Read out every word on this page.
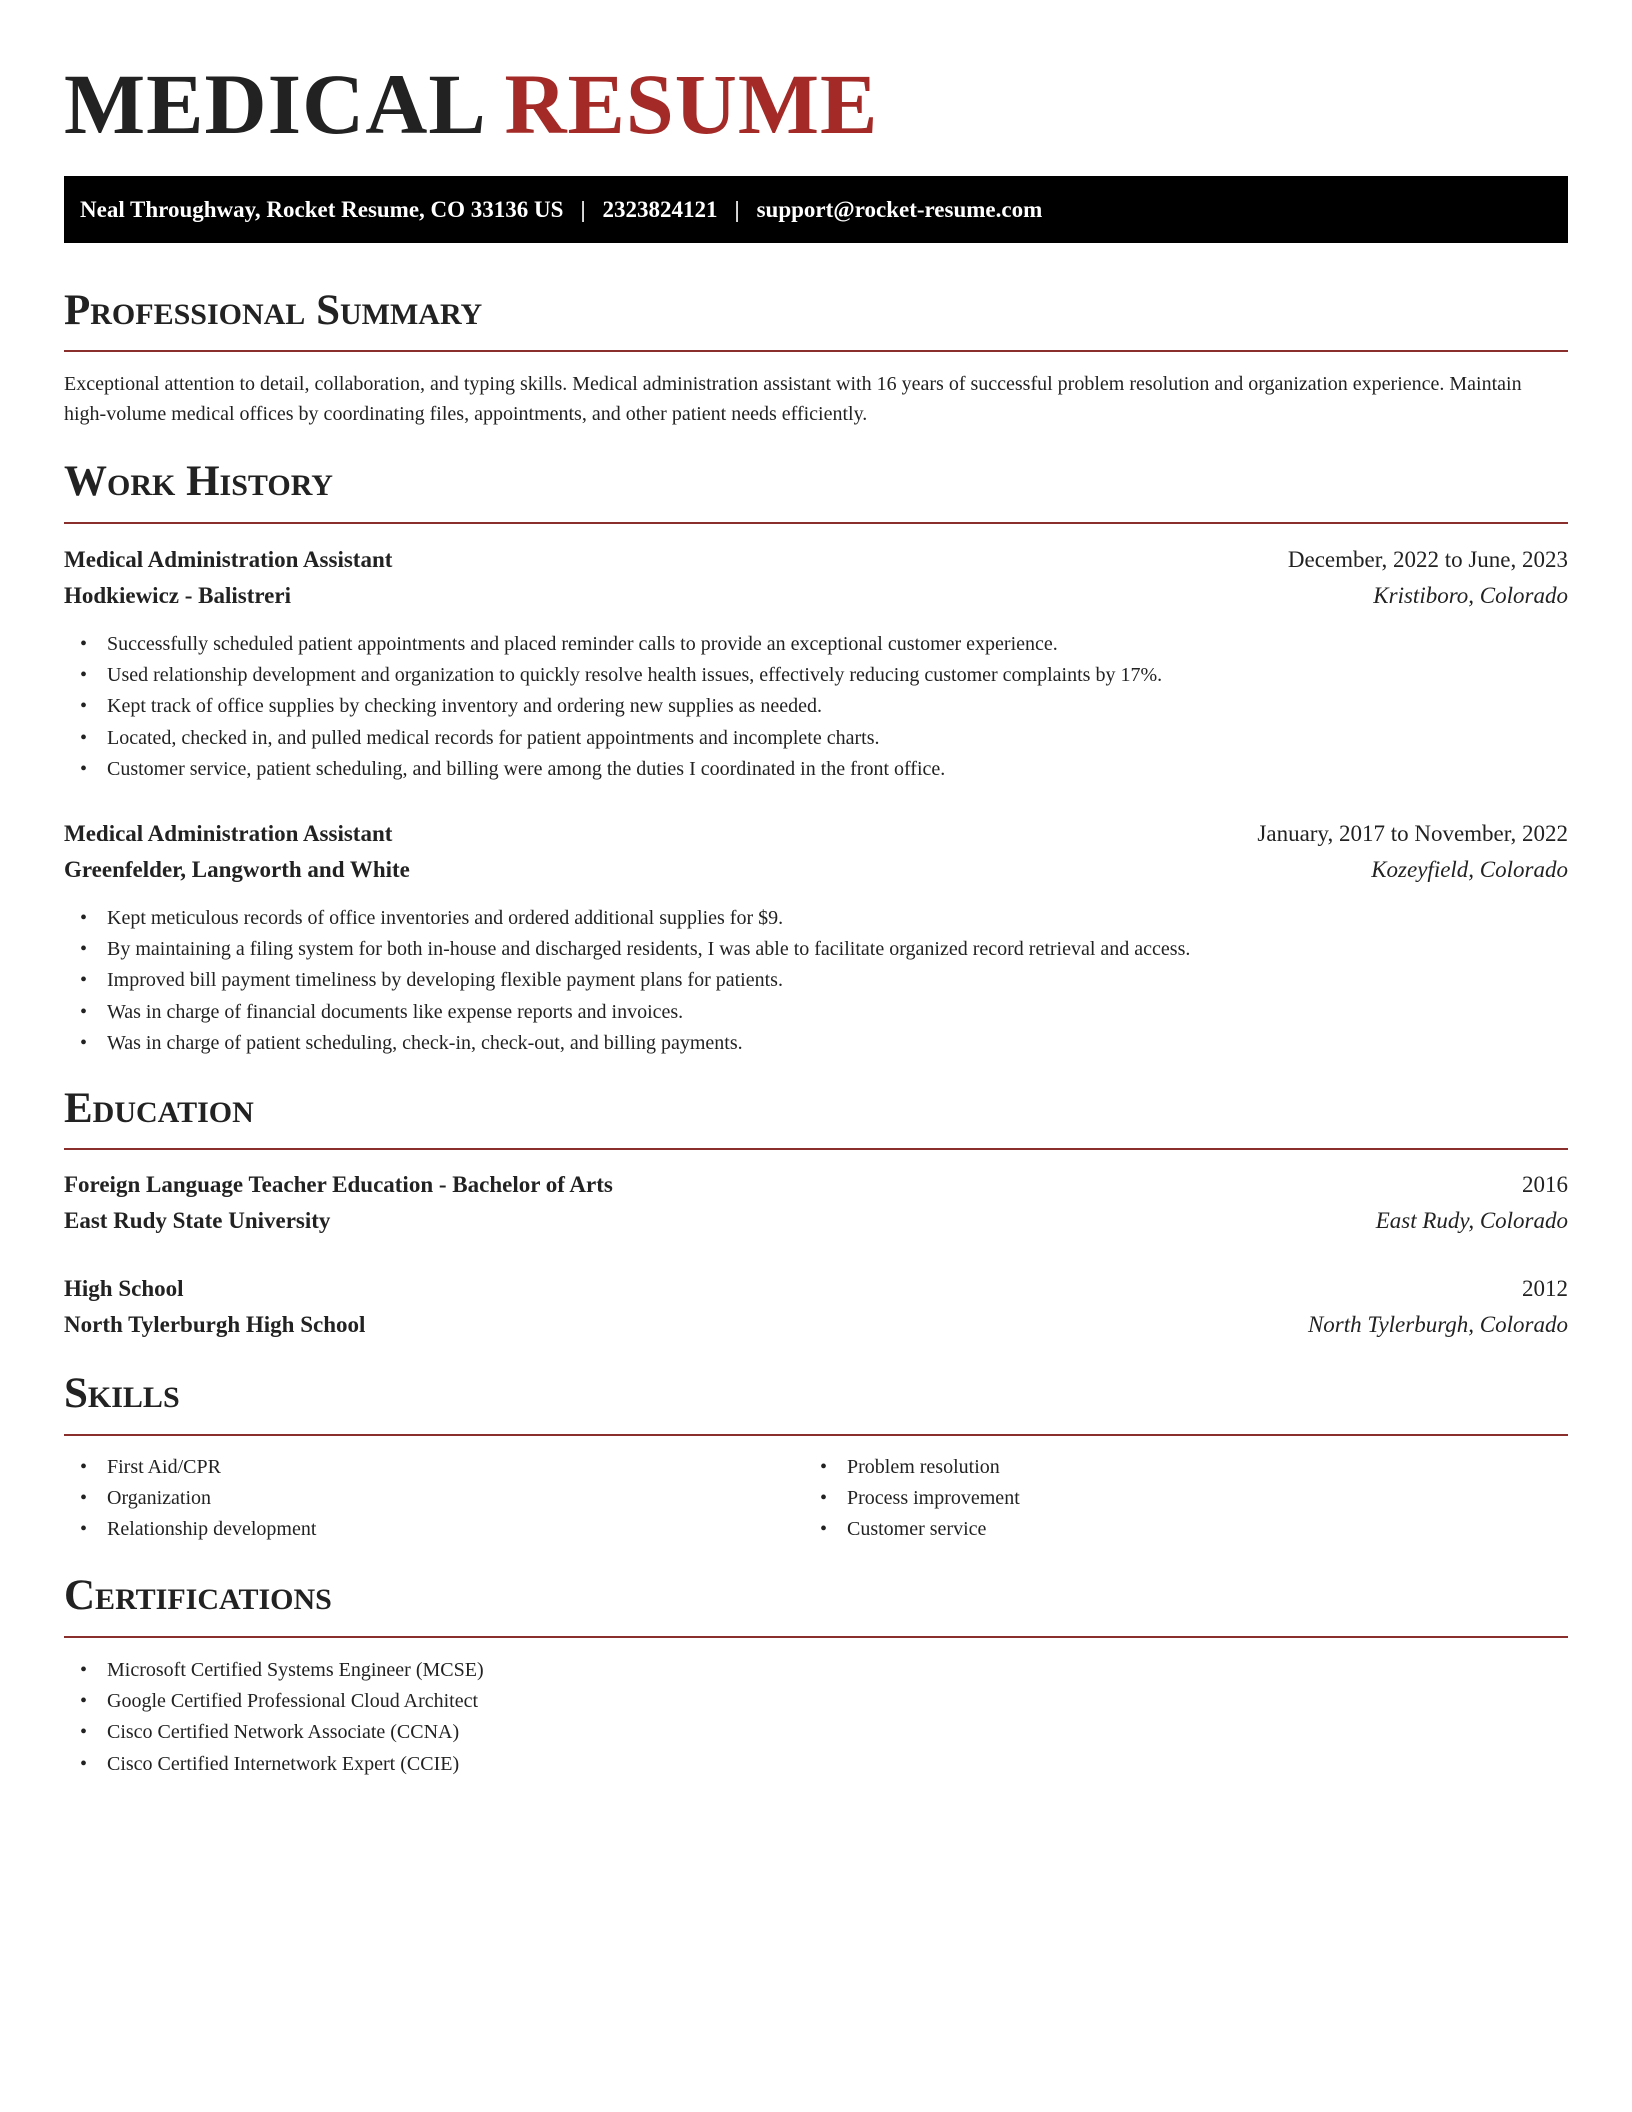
MEDICAL RESUME
Neal Throughway, Rocket Resume, CO 33136 US | 2323824121 | support@rocket-resume.com
Professional Summary

Exceptional attention to detail, collaboration, and typing skills. Medical administration assistant with 16 years of successful problem resolution and organization experience. Maintain high-volume medical offices by coordinating files, appointments, and other patient needs efficiently.

Work History
Medical Administration Assistant	December, 2022 to June, 2023
Hodkiewicz - Balistreri	Kristiboro, Colorado
• Successfully scheduled patient appointments and placed reminder calls to provide an exceptional customer experience.
• Used relationship development and organization to quickly resolve health issues, effectively reducing customer complaints by 17%.
• Kept track of office supplies by checking inventory and ordering new supplies as needed.
• Located, checked in, and pulled medical records for patient appointments and incomplete charts.
• Customer service, patient scheduling, and billing were among the duties I coordinated in the front office.
Medical Administration Assistant	January, 2017 to November, 2022
Greenfelder, Langworth and White	Kozeyfield, Colorado
• Kept meticulous records of office inventories and ordered additional supplies for $9.
• By maintaining a filing system for both in-house and discharged residents, I was able to facilitate organized record retrieval and access.
• Improved bill payment timeliness by developing flexible payment plans for patients.
• Was in charge of financial documents like expense reports and invoices.
• Was in charge of patient scheduling, check-in, check-out, and billing payments.
Education
Foreign Language Teacher Education - Bachelor of Arts	2016
East Rudy State University	East Rudy, Colorado
High School	2012
North Tylerburgh High School	North Tylerburgh, Colorado
Skills
• First Aid/CPR
• Organization
• Relationship development
• Problem resolution
• Process improvement
• Customer service
Certifications
• Microsoft Certified Systems Engineer (MCSE)
• Google Certified Professional Cloud Architect
• Cisco Certified Network Associate (CCNA)
• Cisco Certified Internetwork Expert (CCIE)
